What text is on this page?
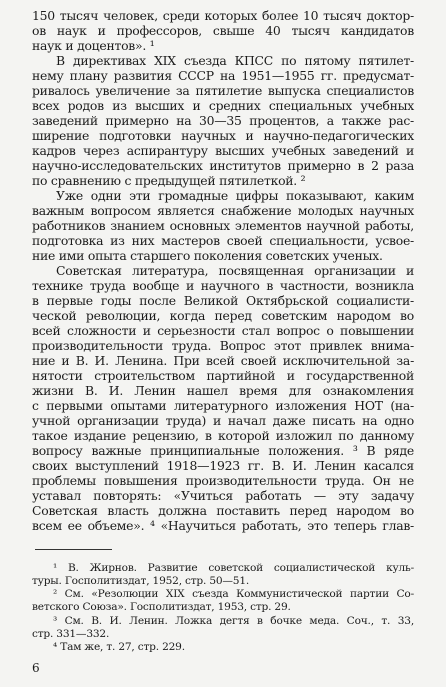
150 тысяч человек, среди которых более 10 тысяч доктор-
ов наук и профессоров, свыше 40 тысяч кандидатов
наук и доцентов». ¹
В директивах XIX съезда КПСС по пятому пятилет-
нему плану развития СССР на 1951—1955 гг. предусмат-
ривалось увеличение за пятилетие выпуска специалистов
всех родов из высших и средних специальных учебных
заведений примерно на 30—35 процентов, а также рас-
ширение подготовки научных и научно-педагогических
кадров через аспирантуру высших учебных заведений и
научно-исследовательских институтов примерно в 2 раза
по сравнению с предыдущей пятилеткой. ²
Уже одни эти громадные цифры показывают, каким
важным вопросом является снабжение молодых научных
работников знанием основных элементов научной работы,
подготовка из них мастеров своей специальности, усвое-
ние ими опыта старшего поколения советских ученых.
Советская литература, посвященная организации и
технике труда вообще и научного в частности, возникла
в первые годы после Великой Октябрьской социалисти-
ческой революции, когда перед советским народом во
всей сложности и серьезности стал вопрос о повышении
производительности труда. Вопрос этот привлек внима-
ние и В. И. Ленина. При всей своей исключительной за-
нятости строительством партийной и государственной
жизни В. И. Ленин нашел время для ознакомления
с первыми опытами литературного изложения НОТ (на-
учной организации труда) и начал даже писать на одно
такое издание рецензию, в которой изложил по данному
вопросу важные принципиальные положения. ³ В ряде
своих выступлений 1918—1923 гг. В. И. Ленин касался
проблемы повышения производительности труда. Он не
уставал повторять: «Учиться работать — эту задачу
Советская власть должна поставить перед народом во
всем ее объеме». ⁴ «Научиться работать, это теперь глав-
¹ В. Жирнов. Развитие советской социалистической куль-
туры. Госполитиздат, 1952, стр. 50—51.
² См. «Резолюции XIX съезда Коммунистической партии Со-
ветского Союза». Госполитиздат, 1953, стр. 29.
³ См. В. И. Ленин. Ложка дегтя в бочке меда. Соч., т. 33,
стр. 331—332.
⁴ Там же, т. 27, стр. 229.
6
